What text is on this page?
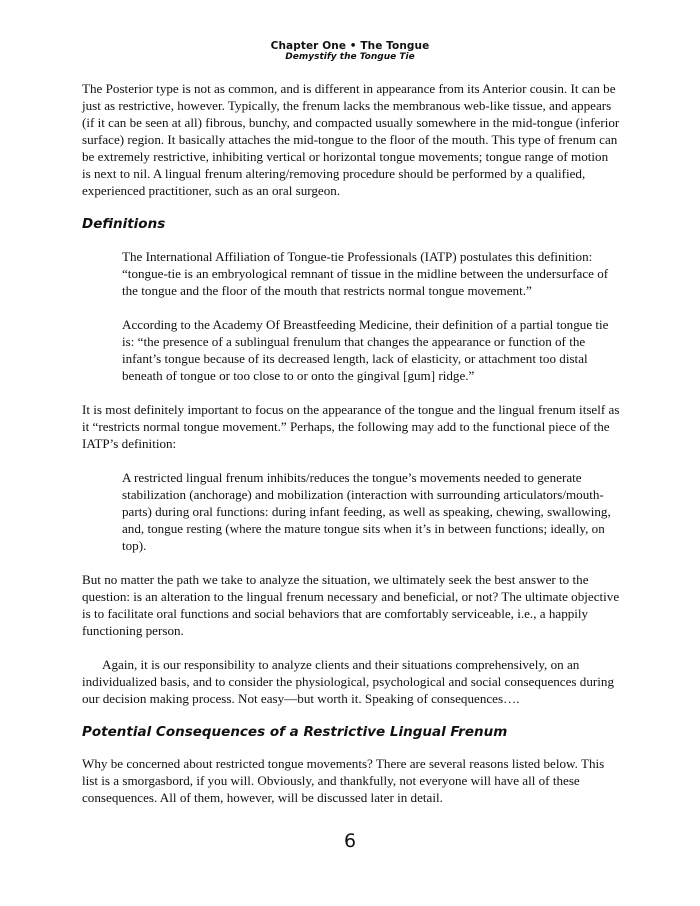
Chapter One • The Tongue
Demystify the Tongue Tie

The Posterior type is not as common, and is different in appearance from its Anterior cousin. It can be just as restrictive, however. Typically, the frenum lacks the membranous web-like tissue, and appears (if it can be seen at all) fibrous, bunchy, and compacted usually somewhere in the mid-tongue (inferior surface) region. It basically attaches the mid-tongue to the floor of the mouth. This type of frenum can be extremely restrictive, inhibiting vertical or horizontal tongue movements; tongue range of motion is next to nil. A lingual frenum altering/removing procedure should be performed by a qualified, experienced practitioner, such as an oral surgeon.

Definitions

The International Affiliation of Tongue-tie Professionals (IATP) postulates this definition: “tongue-tie is an embryological remnant of tissue in the midline between the undersurface of the tongue and the floor of the mouth that restricts normal tongue movement.”

According to the Academy Of Breastfeeding Medicine, their definition of a partial tongue tie is: “the presence of a sublingual frenulum that changes the appearance or function of the infant’s tongue because of its decreased length, lack of elasticity, or attachment too distal beneath of tongue or too close to or onto the gingival [gum] ridge.”

It is most definitely important to focus on the appearance of the tongue and the lingual frenum itself as it “restricts normal tongue movement.” Perhaps, the following may add to the functional piece of the IATP’s definition:

A restricted lingual frenum inhibits/reduces the tongue’s movements needed to generate stabilization (anchorage) and mobilization (interaction with surrounding articulators/mouth-parts) during oral functions: during infant feeding, as well as speaking, chewing, swallowing, and, tongue resting (where the mature tongue sits when it’s in between functions; ideally, on top).

But no matter the path we take to analyze the situation, we ultimately seek the best answer to the question: is an alteration to the lingual frenum necessary and beneficial, or not? The ultimate objective is to facilitate oral functions and social behaviors that are comfortably serviceable, i.e., a happily functioning person.

Again, it is our responsibility to analyze clients and their situations comprehensively, on an individualized basis, and to consider the physiological, psychological and social consequences during our decision making process. Not easy—but worth it. Speaking of consequences….

Potential Consequences of a Restrictive Lingual Frenum

Why be concerned about restricted tongue movements? There are several reasons listed below. This list is a smorgasbord, if you will. Obviously, and thankfully, not everyone will have all of these consequences. All of them, however, will be discussed later in detail.

6
